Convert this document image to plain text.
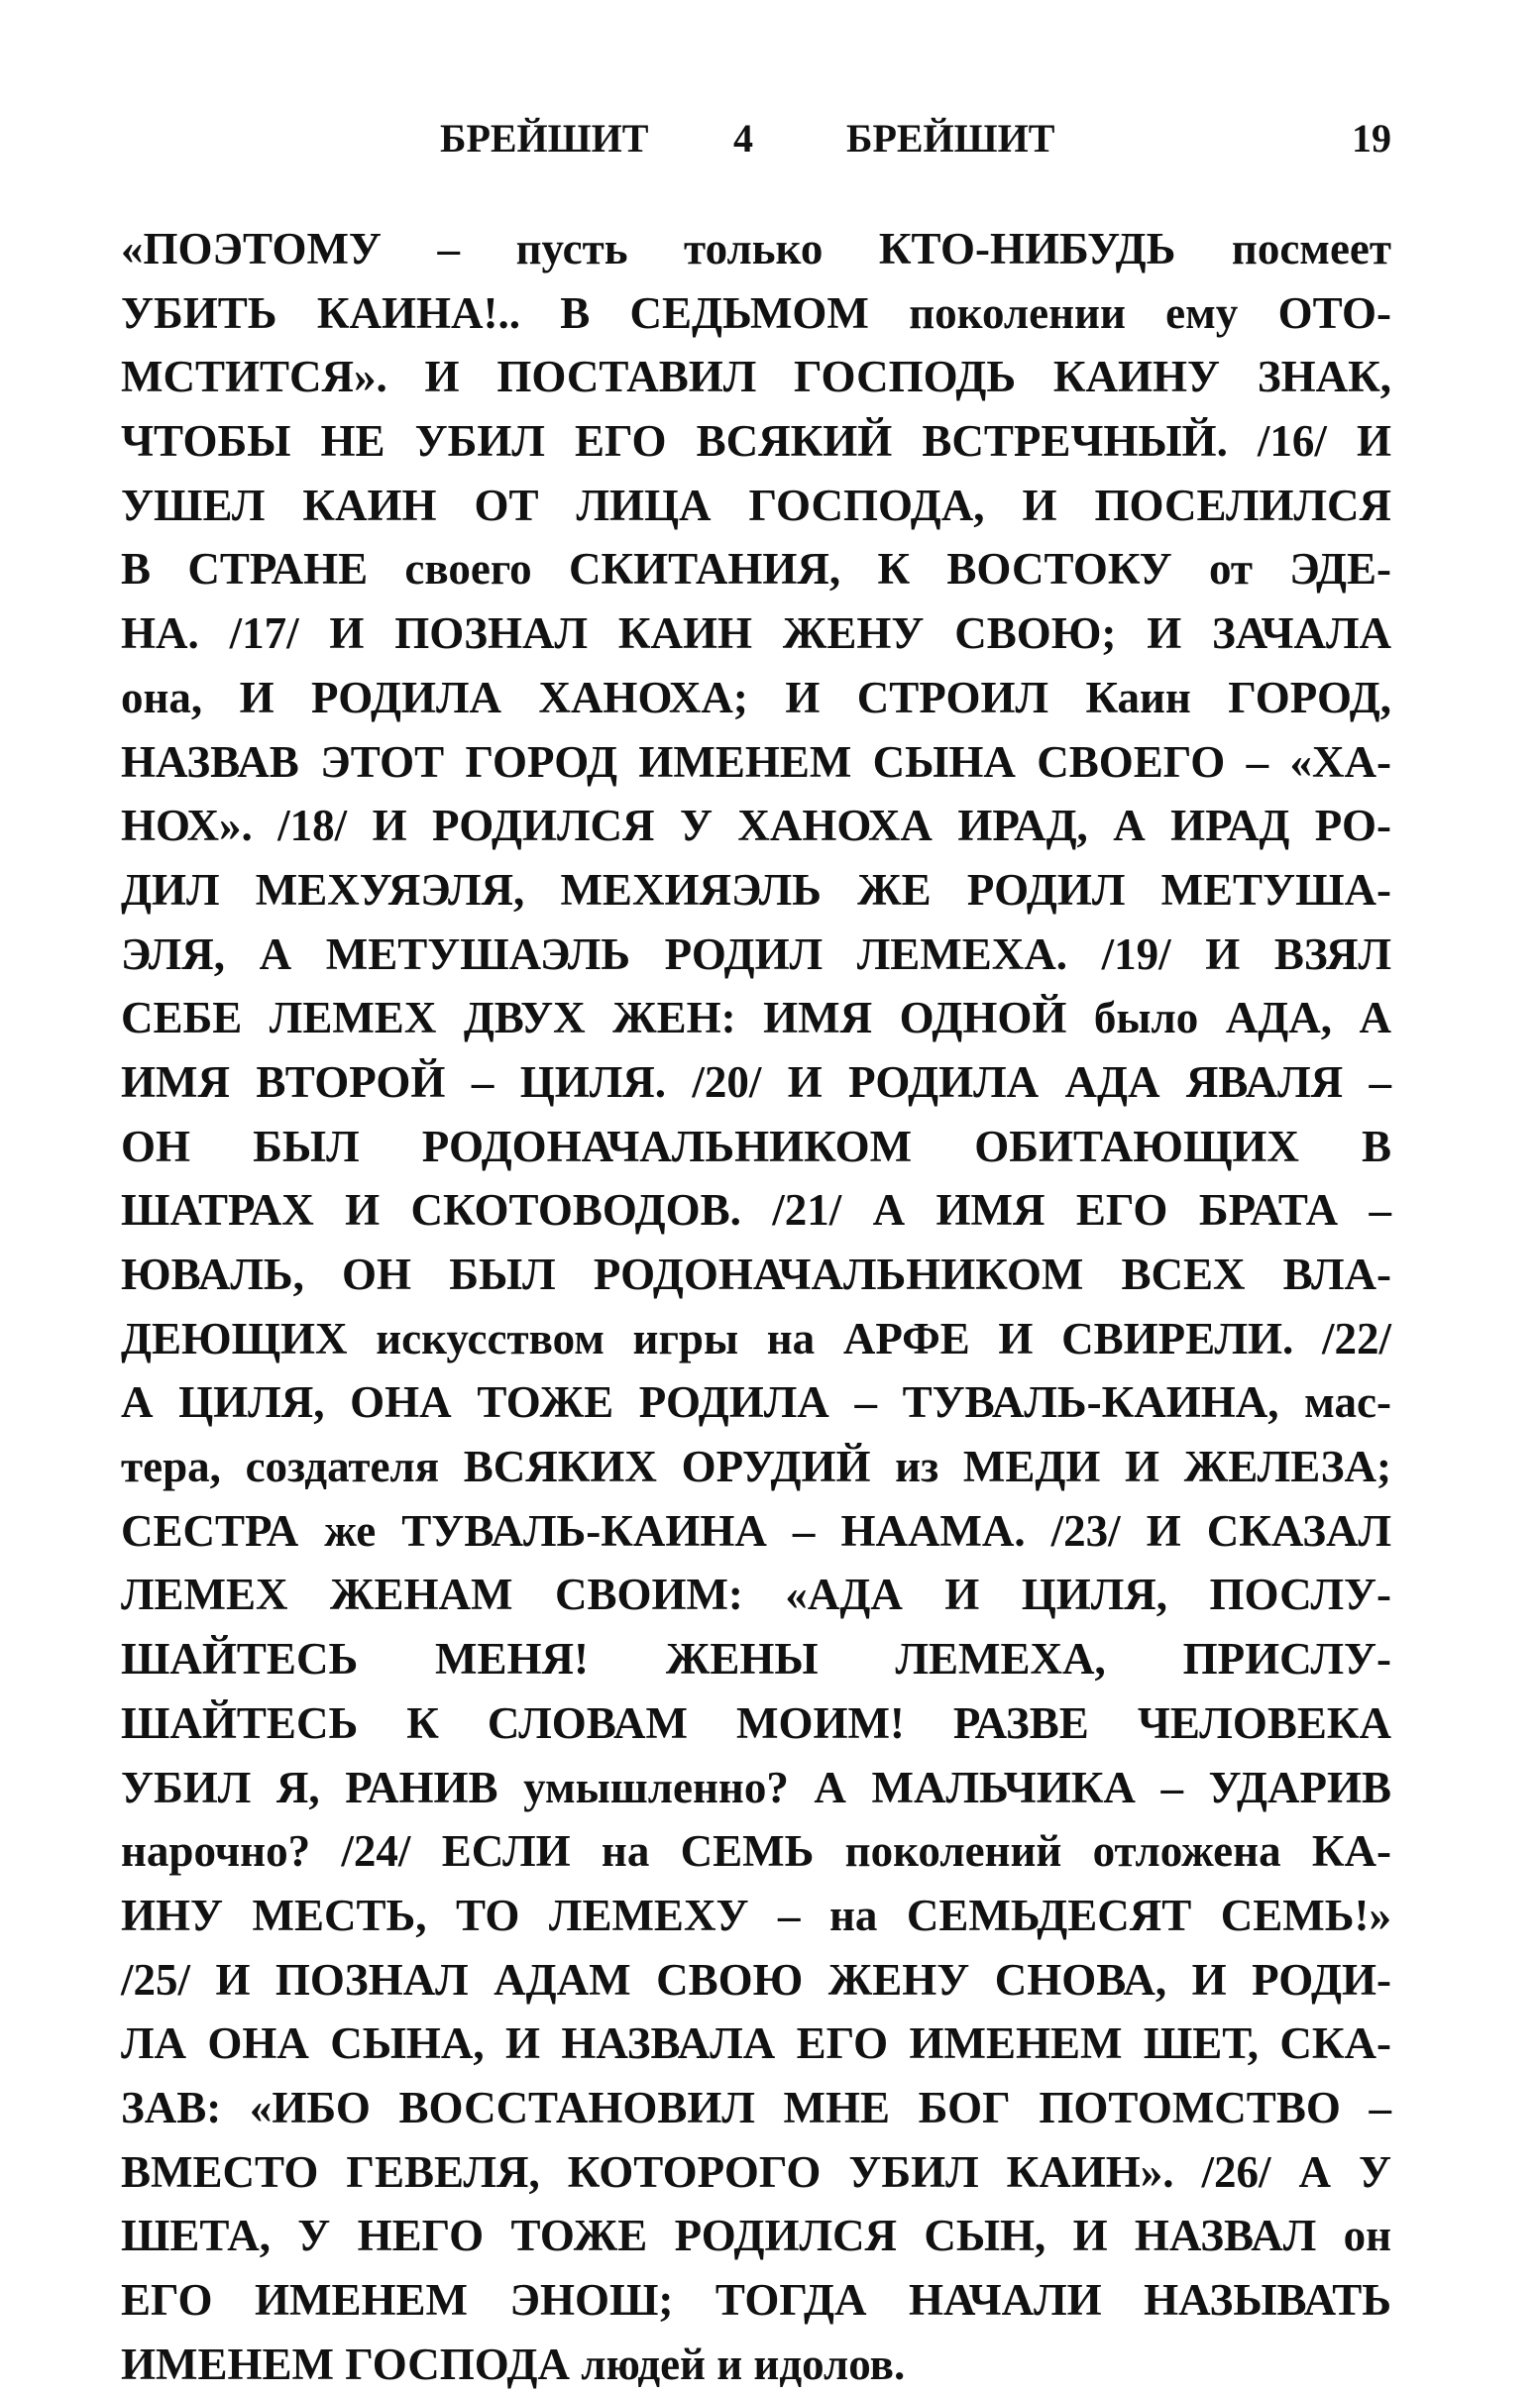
БРЕЙШИТ 4 БРЕЙШИТ	19
«ПОЭТОМУ – пусть только КТО-НИБУДЬ посмеет
УБИТЬ КАИНА!.. В СЕДЬМОМ поколении ему ОТО-
МСТИТСЯ». И ПОСТАВИЛ ГОСПОДЬ КАИНУ ЗНАК,
ЧТОБЫ НЕ УБИЛ ЕГО ВСЯКИЙ ВСТРЕЧНЫЙ. /16/ И
УШЕЛ КАИН ОТ ЛИЦА ГОСПОДА, И ПОСЕЛИЛСЯ
В СТРАНЕ своего СКИТАНИЯ, К ВОСТОКУ от ЭДЕ-
НА. /17/ И ПОЗНАЛ КАИН ЖЕНУ СВОЮ; И ЗАЧАЛА
она, И РОДИЛА ХАНОХА; И СТРОИЛ Каин ГОРОД,
НАЗВАВ ЭТОТ ГОРОД ИМЕНЕМ СЫНА СВОЕГО – «ХА-
НОХ». /18/ И РОДИЛСЯ У ХАНОХА ИРАД, А ИРАД РО-
ДИЛ МЕХУЯЭЛЯ, МЕХИЯЭЛЬ ЖЕ РОДИЛ МЕТУША-
ЭЛЯ, А МЕТУШАЭЛЬ РОДИЛ ЛЕМЕХА. /19/ И ВЗЯЛ
СЕБЕ ЛЕМЕХ ДВУХ ЖЕН: ИМЯ ОДНОЙ было АДА, А
ИМЯ ВТОРОЙ – ЦИЛЯ. /20/ И РОДИЛА АДА ЯВАЛЯ –
ОН БЫЛ РОДОНАЧАЛЬНИКОМ ОБИТАЮЩИХ В
ШАТРАХ И СКОТОВОДОВ. /21/ А ИМЯ ЕГО БРАТА –
ЮВАЛЬ, ОН БЫЛ РОДОНАЧАЛЬНИКОМ ВСЕХ ВЛА-
ДЕЮЩИХ искусством игры на АРФЕ И СВИРЕЛИ. /22/
А ЦИЛЯ, ОНА ТОЖЕ РОДИЛА – ТУВАЛЬ-КАИНА, мас-
тера, создателя ВСЯКИХ ОРУДИЙ из МЕДИ И ЖЕЛЕЗА;
СЕСТРА же ТУВАЛЬ-КАИНА – НААМА. /23/ И СКАЗАЛ
ЛЕМЕХ ЖЕНАМ СВОИМ: «АДА И ЦИЛЯ, ПОСЛУ-
ШАЙТЕСЬ МЕНЯ! ЖЕНЫ ЛЕМЕХА, ПРИСЛУ-
ШАЙТЕСЬ К СЛОВАМ МОИМ! РАЗВЕ ЧЕЛОВЕКА
УБИЛ Я, РАНИВ умышленно? А МАЛЬЧИКА – УДАРИВ
нарочно? /24/ ЕСЛИ на СЕМЬ поколений отложена КА-
ИНУ МЕСТЬ, ТО ЛЕМЕХУ – на СЕМЬДЕСЯТ СЕМЬ!»
/25/ И ПОЗНАЛ АДАМ СВОЮ ЖЕНУ СНОВА, И РОДИ-
ЛА ОНА СЫНА, И НАЗВАЛА ЕГО ИМЕНЕМ ШЕТ, СКА-
ЗАВ: «ИБО ВОССТАНОВИЛ МНЕ БОГ ПОТОМСТВО –
ВМЕСТО ГЕВЕЛЯ, КОТОРОГО УБИЛ КАИН». /26/ А У
ШЕТА, У НЕГО ТОЖЕ РОДИЛСЯ СЫН, И НАЗВАЛ он
ЕГО ИМЕНЕМ ЭНОШ; ТОГДА НАЧАЛИ НАЗЫВАТЬ
ИМЕНЕМ ГОСПОДА людей и идолов.
